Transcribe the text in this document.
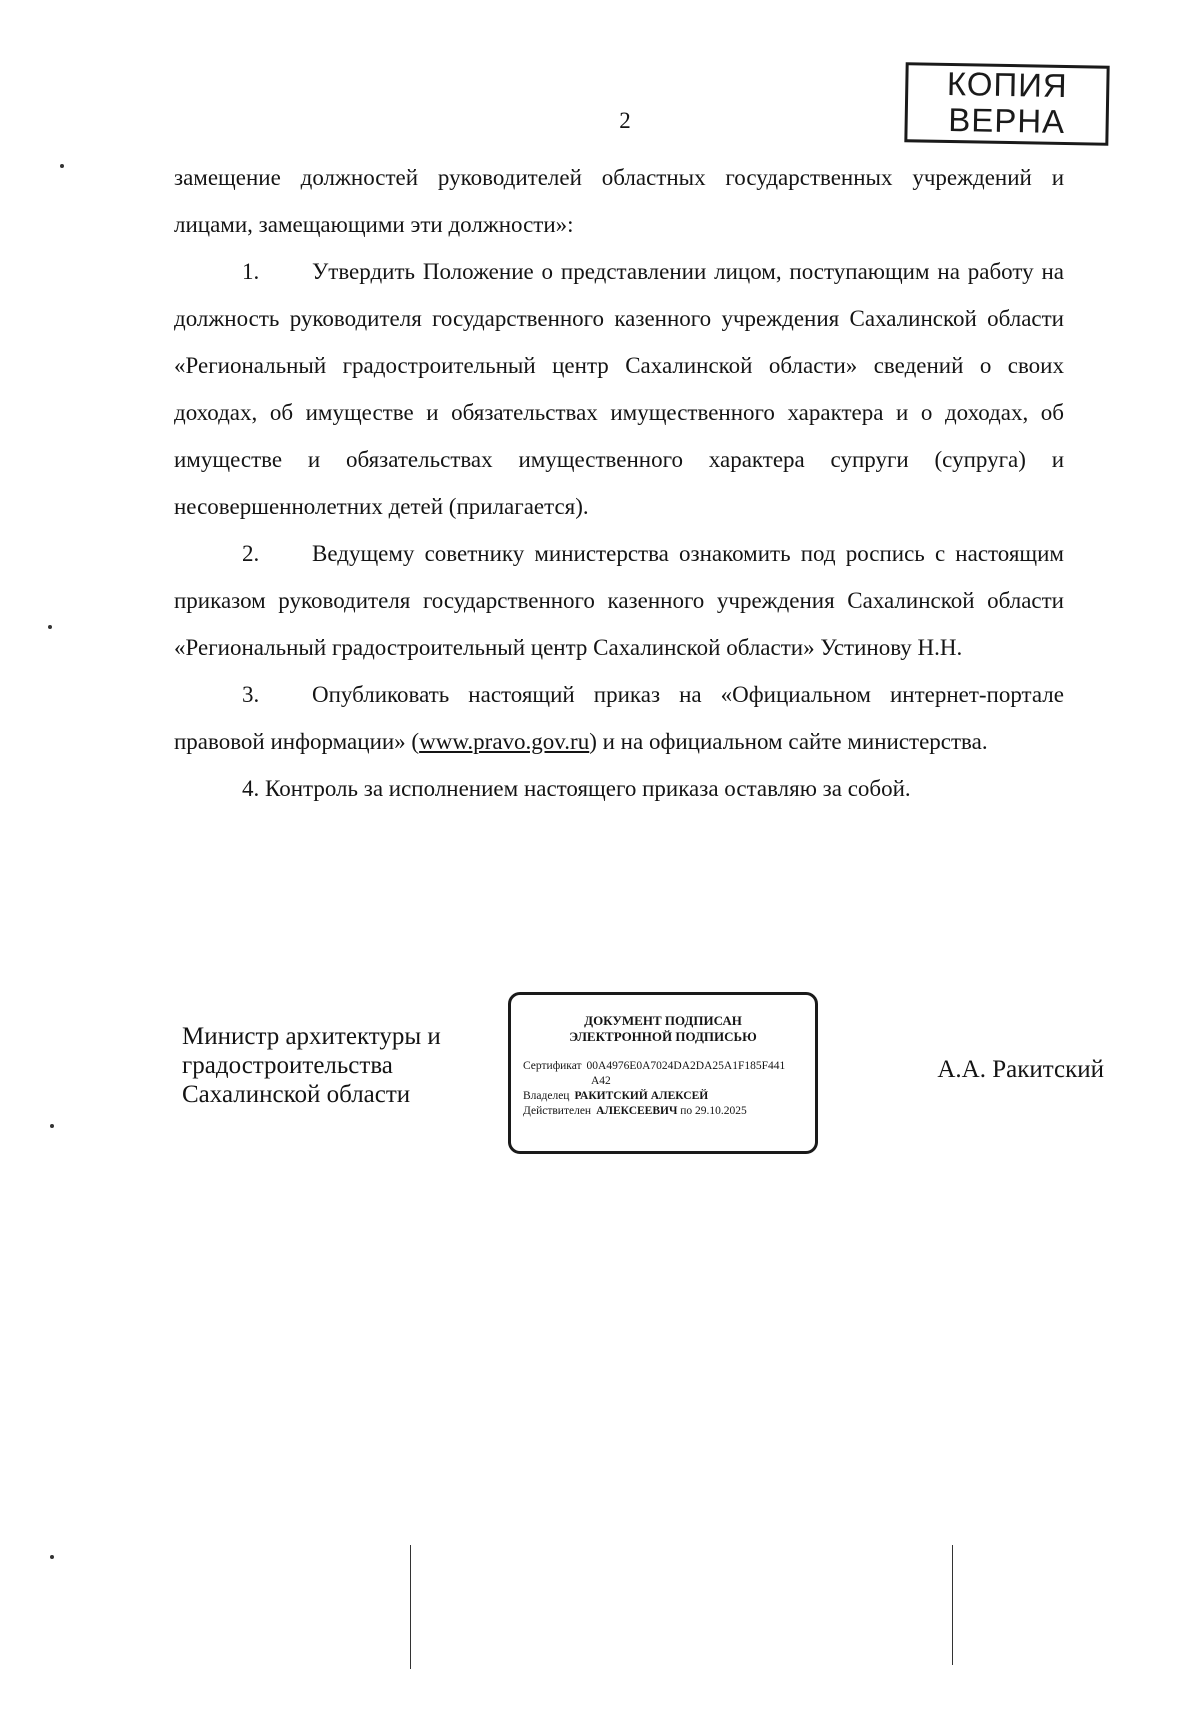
КОПИЯ
ВЕРНА
2

замещение должностей руководителей областных государственных учреждений и лицами, замещающими эти должности»:

1. Утвердить Положение о представлении лицом, поступающим на работу на должность руководителя государственного казенного учреждения Сахалинской области «Региональный градостроительный центр Сахалинской области» сведений о своих доходах, об имуществе и обязательствах имущественного характера и о доходах, об имуществе и обязательствах имущественного характера супруги (супруга) и несовершеннолетних детей (прилагается).

2. Ведущему советнику министерства ознакомить под роспись с настоящим приказом руководителя государственного казенного учреждения Сахалинской области «Региональный градостроительный центр Сахалинской области» Устинову Н.Н.

3. Опубликовать настоящий приказ на «Официальном интернет-портале правовой информации» (www.pravo.gov.ru) и на официальном сайте министерства.

4. Контроль за исполнением настоящего приказа оставляю за собой.

Министр архитектуры и
градостроительства
Сахалинской области
ДОКУМЕНТ ПОДПИСАН
ЭЛЕКТРОННОЙ ПОДПИСЬЮ
Сертификат 00A4976E0A7024DA2DA25A1F185F441
A42
Владелец РАКИТСКИЙ АЛЕКСЕЙ
Действителен АЛЕКСЕЕВИЧ по 29.10.2025
А.А. Ракитский
